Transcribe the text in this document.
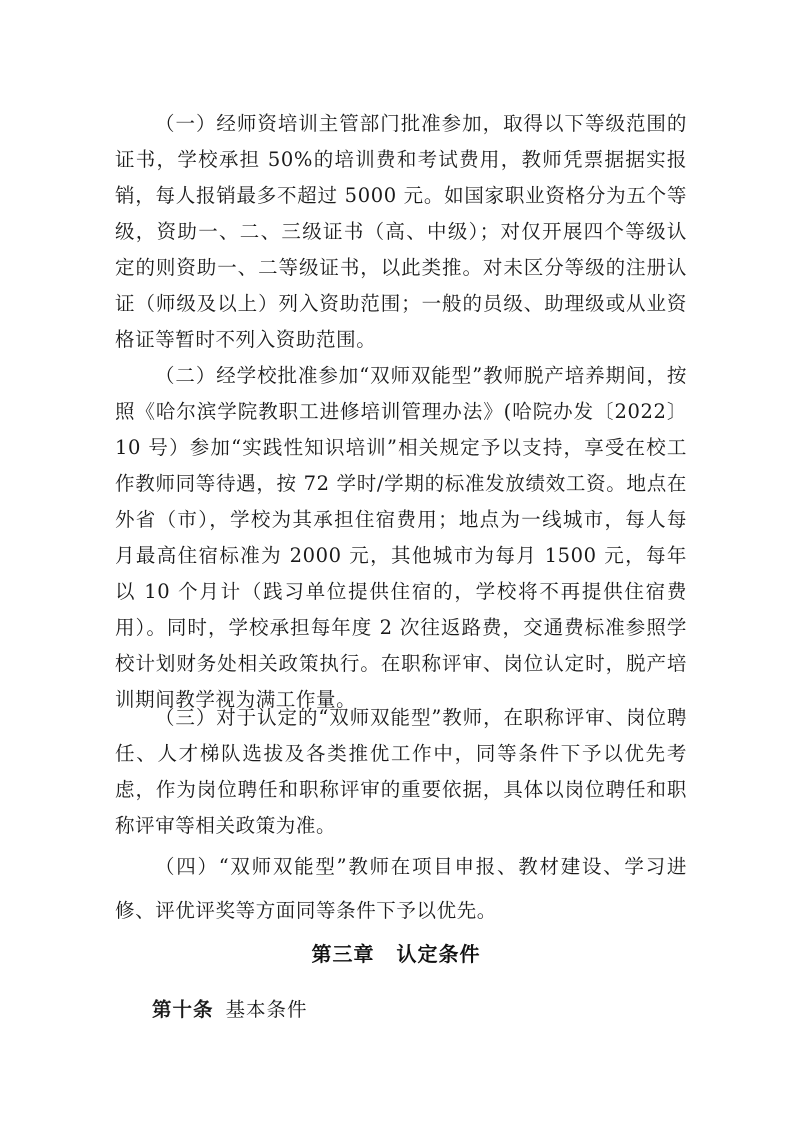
（一）经师资培训主管部门批准参加，取得以下等级范围的证书，学校承担 50%的培训费和考试费用，教师凭票据据实报销，每人报销最多不超过 5000 元。如国家职业资格分为五个等级，资助一、二、三级证书（高、中级）；对仅开展四个等级认定的则资助一、二等级证书，以此类推。对未区分等级的注册认证（师级及以上）列入资助范围；一般的员级、助理级或从业资格证等暂时不列入资助范围。

（二）经学校批准参加“双师双能型”教师脱产培养期间，按照《哈尔滨学院教职工进修培训管理办法》(哈院办发〔2022〕10 号）参加“实践性知识培训”相关规定予以支持，享受在校工作教师同等待遇，按 72 学时/学期的标准发放绩效工资。地点在外省（市），学校为其承担住宿费用；地点为一线城市，每人每月最高住宿标准为 2000 元，其他城市为每月 1500 元，每年以 10 个月计（践习单位提供住宿的，学校将不再提供住宿费用）。同时，学校承担每年度 2 次往返路费，交通费标准参照学校计划财务处相关政策执行。在职称评审、岗位认定时，脱产培训期间教学视为满工作量。

（三）对于认定的“双师双能型”教师，在职称评审、岗位聘任、人才梯队选拔及各类推优工作中，同等条件下予以优先考虑，作为岗位聘任和职称评审的重要依据，具体以岗位聘任和职称评审等相关政策为准。

（四）“双师双能型”教师在项目申报、教材建设、学习进修、评优评奖等方面同等条件下予以优先。

第三章 认定条件

第十条 基本条件
